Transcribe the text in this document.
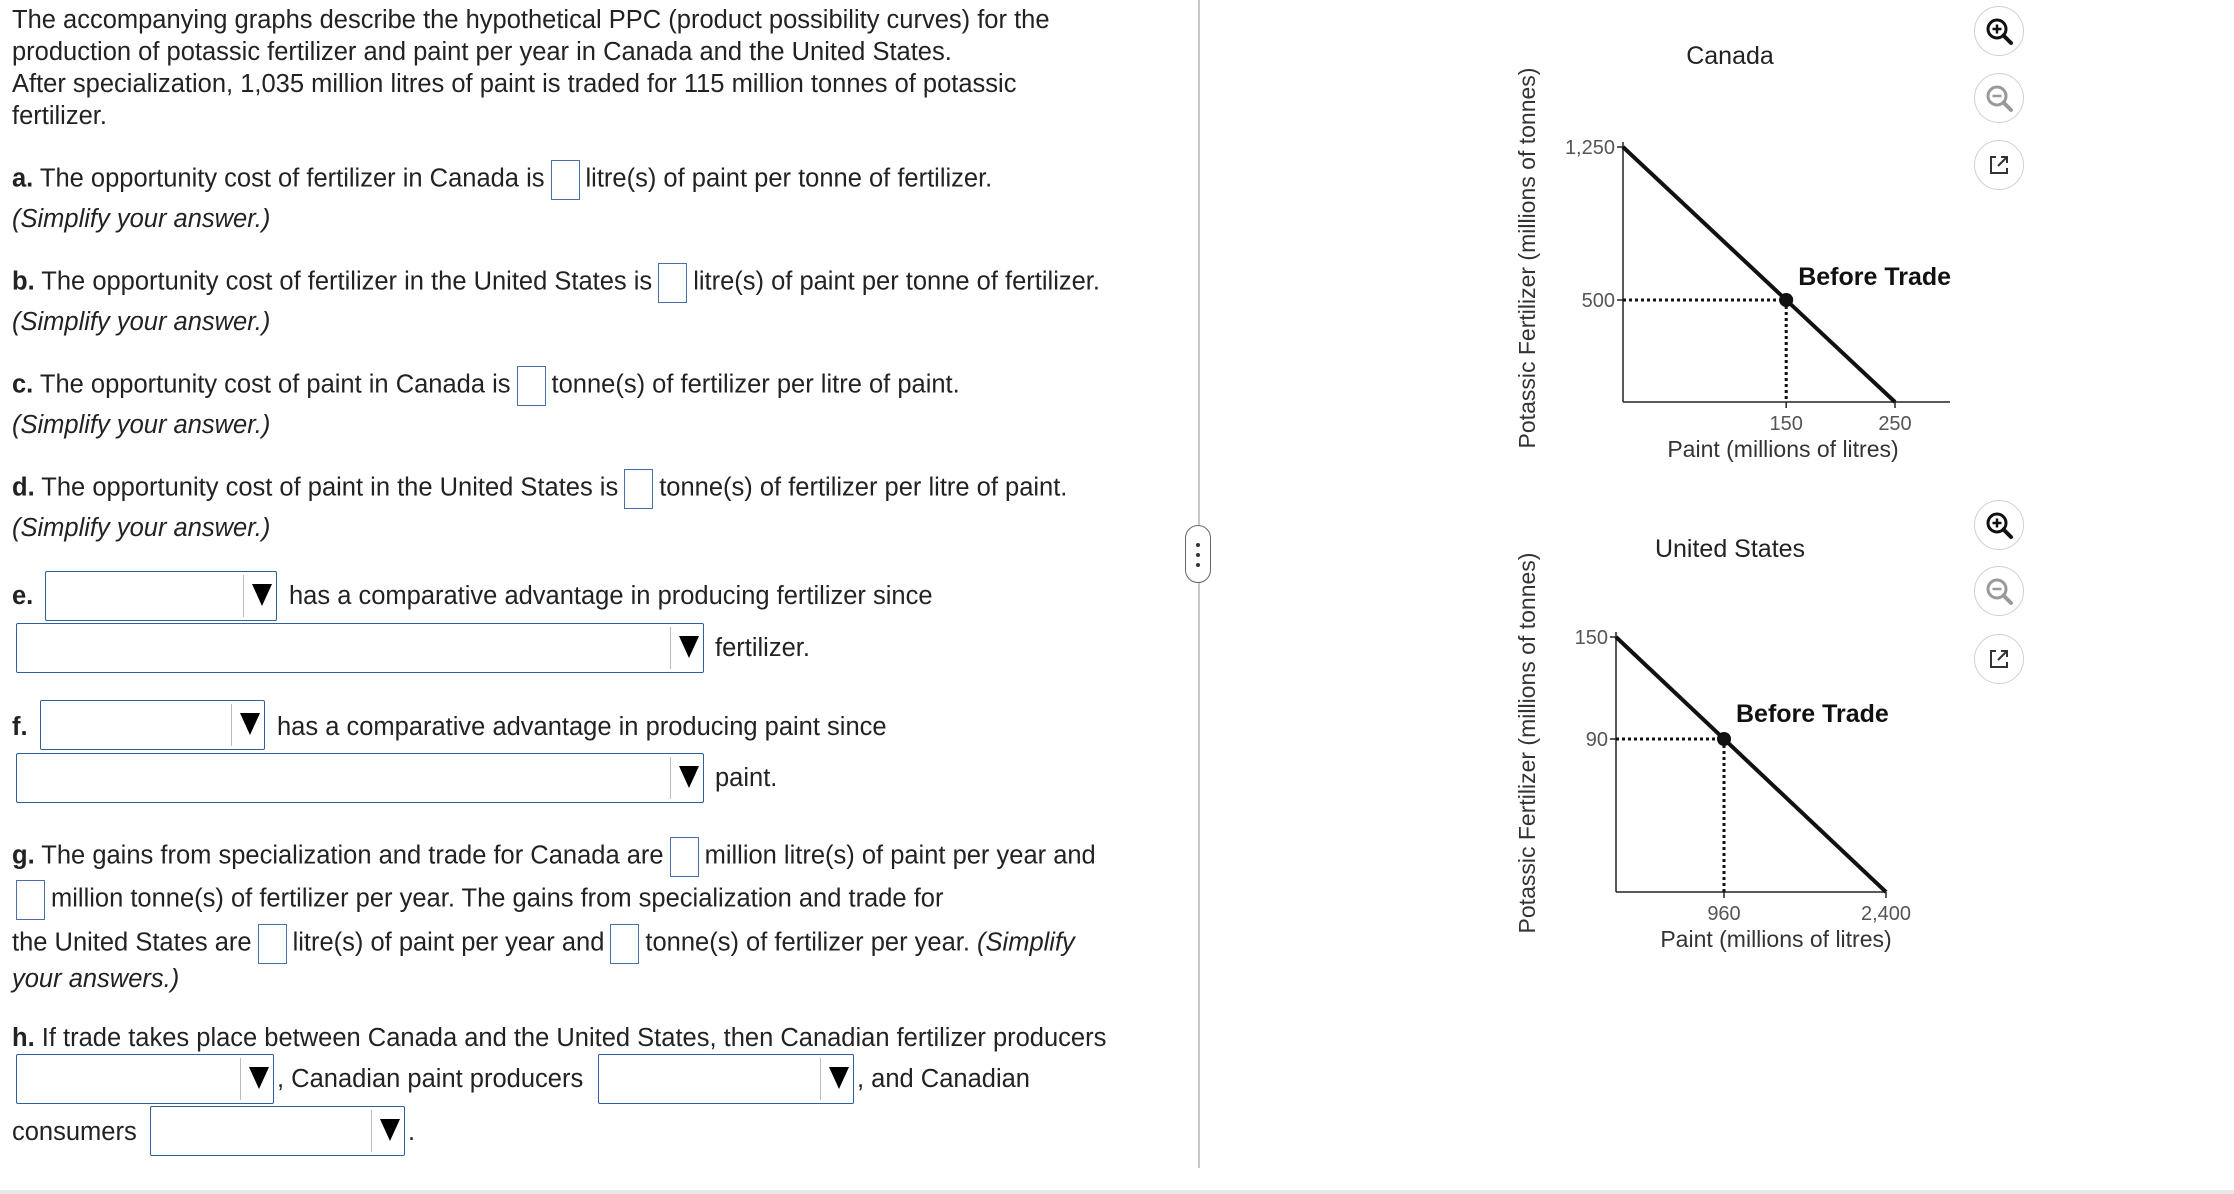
The accompanying graphs describe the hypothetical PPC (product possibility curves) for the
production of potassic fertilizer and paint per year in Canada and the United States.
After specialization, 1,035 million litres of paint is traded for 115 million tonnes of potassic
fertilizer.
a. The opportunity cost of fertilizer in Canada is litre(s) of paint per tonne of fertilizer.
(Simplify your answer.)
b. The opportunity cost of fertilizer in the United States is litre(s) of paint per tonne of fertilizer.
(Simplify your answer.)
c. The opportunity cost of paint in Canada is tonne(s) of fertilizer per litre of paint.
(Simplify your answer.)
d. The opportunity cost of paint in the United States is tonne(s) of fertilizer per litre of paint.
(Simplify your answer.)
e.	has a comparative advantage in producing fertilizer since
fertilizer.
f.	has a comparative advantage in producing paint since
paint.
g. The gains from specialization and trade for Canada are million litre(s) of paint per year and
million tonne(s) of fertilizer per year. The gains from specialization and trade for
the United States are litre(s) of paint per year and tonne(s) of fertilizer per year. (Simplify
your answers.)
h. If trade takes place between Canada and the United States, then Canadian fertilizer producers
, Canadian paint producers	, and Canadian
consumers	.
Canada
500
1,250
150	250
Before Trade
Paint (millions of litres)
Potassic Fertilizer (millions of tonnes)
United States
90
150
960	2,400
Before Trade
Paint (millions of litres)
Potassic Fertilizer (millions of tonnes)
